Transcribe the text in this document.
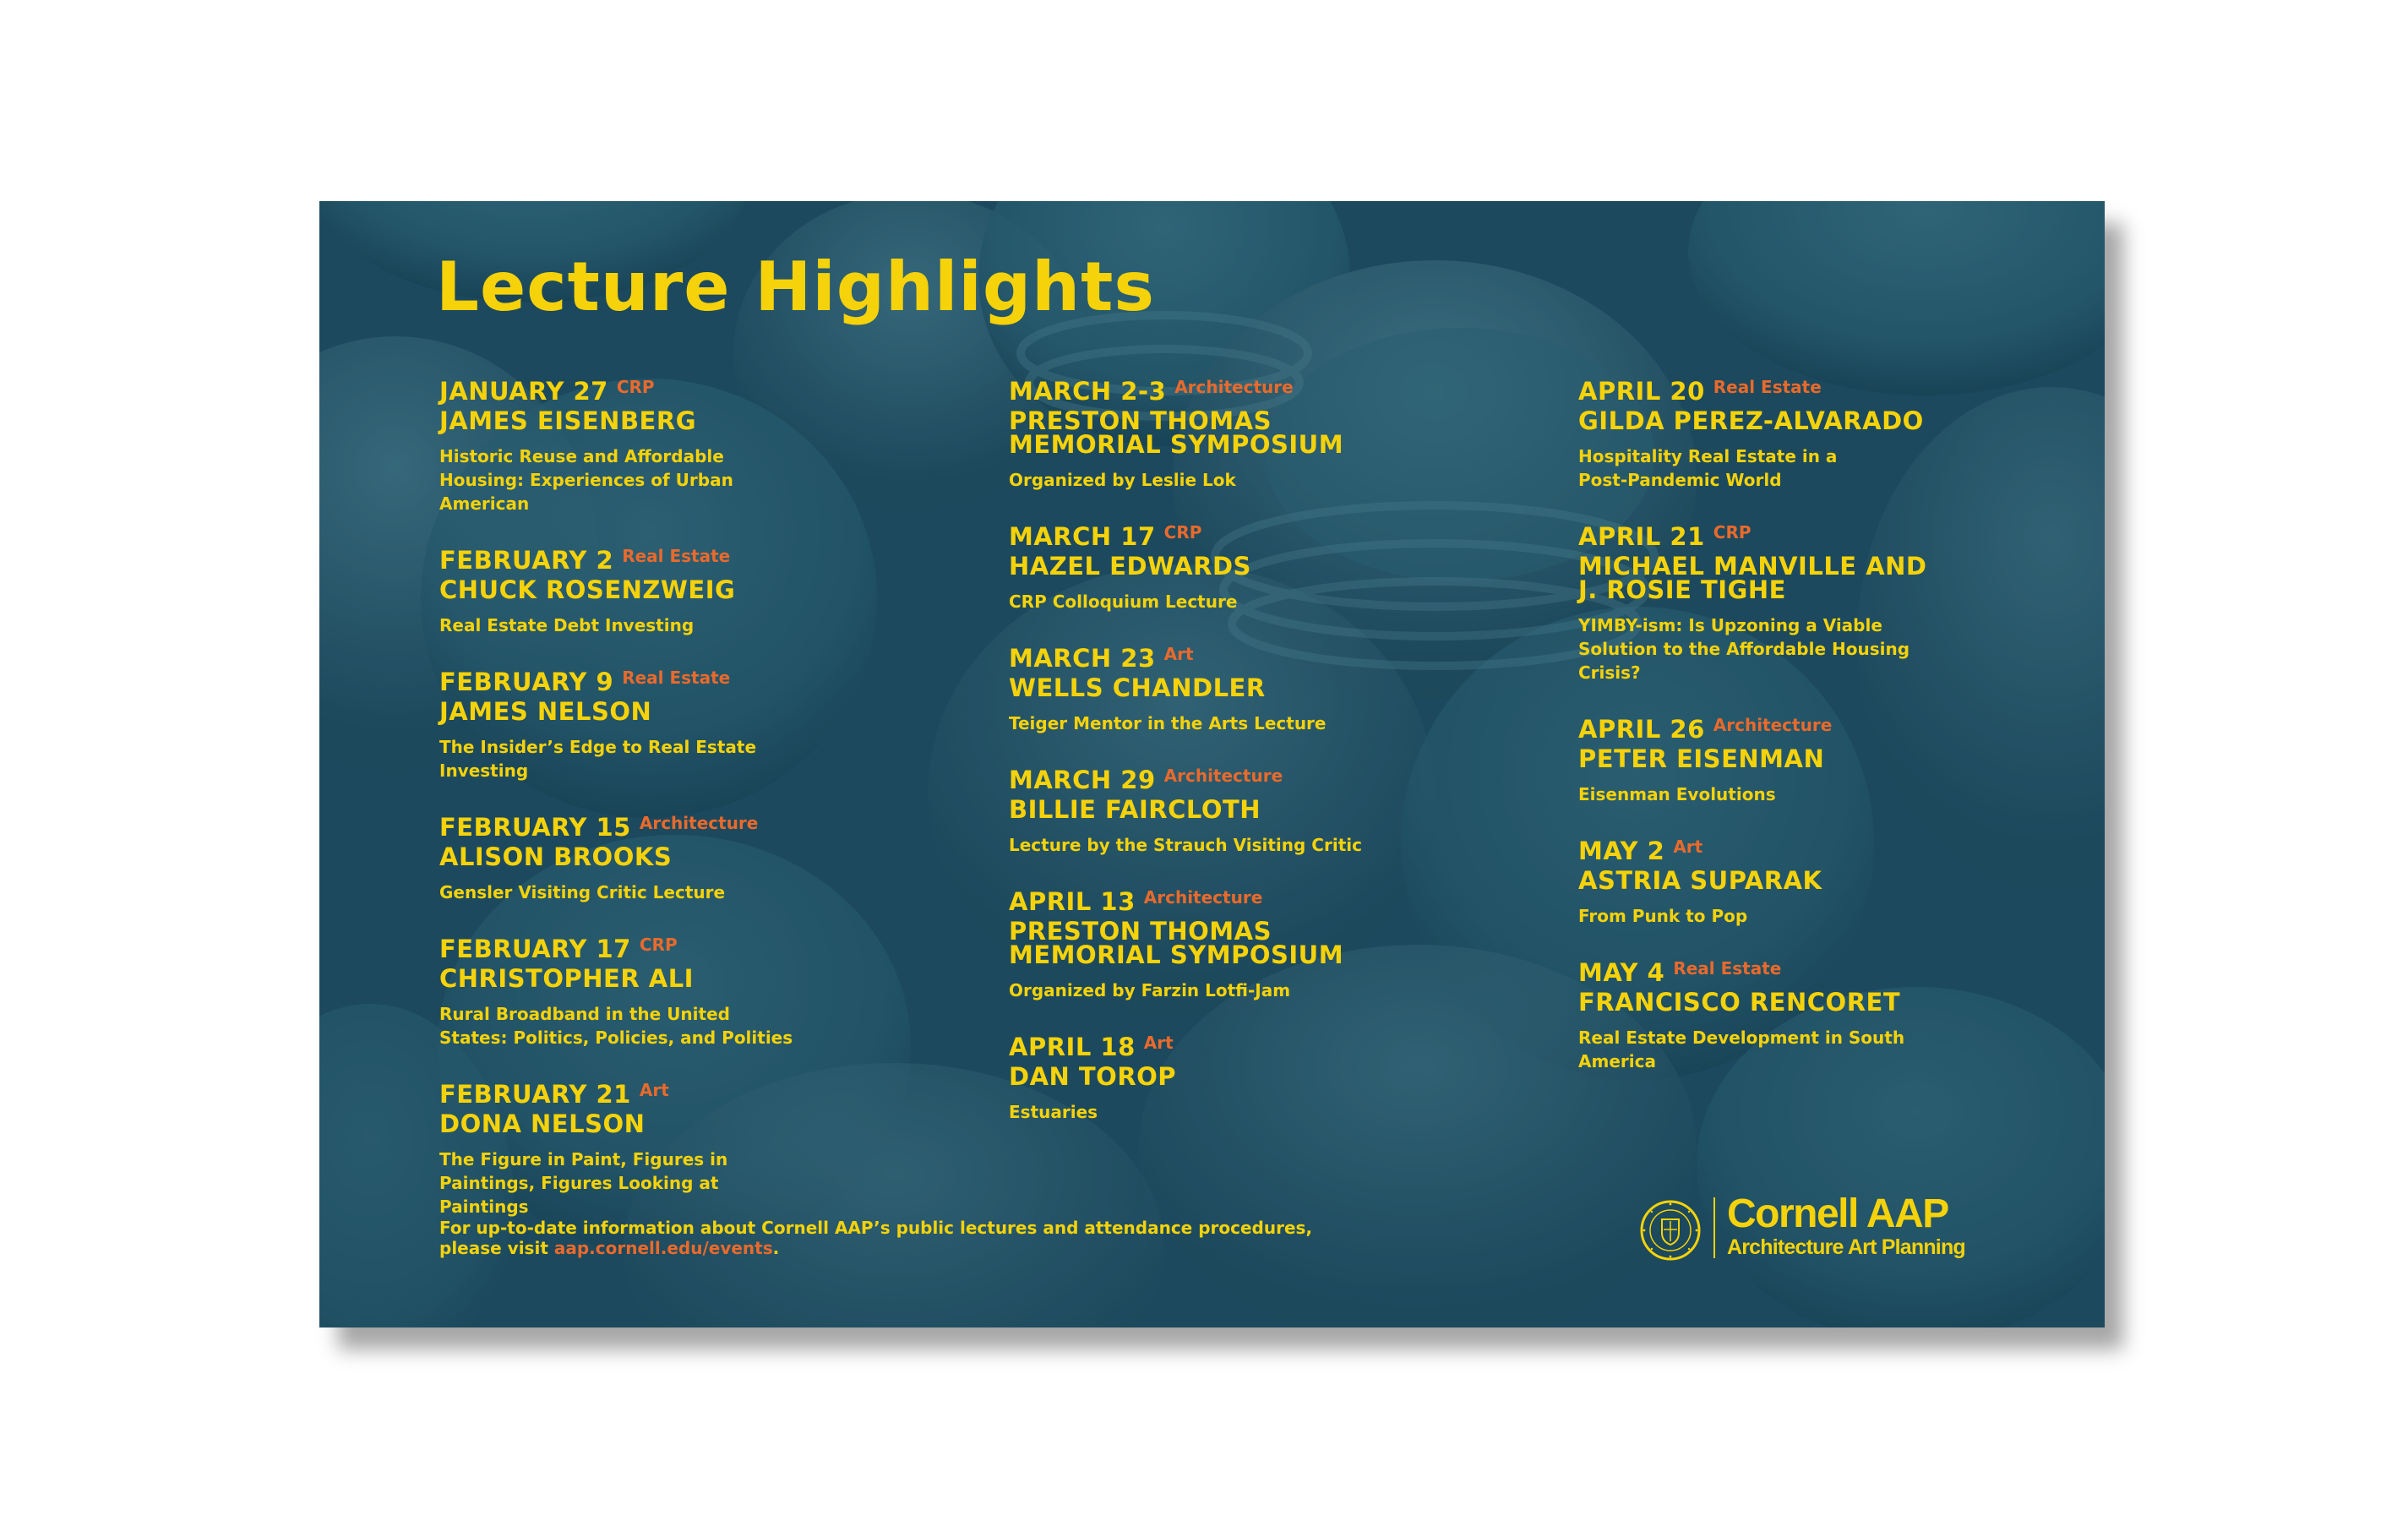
Lecture Highlights
JANUARY 27 CRP
JAMES EISENBERG
Historic Reuse and Affordable
Housing: Experiences of Urban
American
FEBRUARY 2 Real Estate
CHUCK ROSENZWEIG
Real Estate Debt Investing
FEBRUARY 9 Real Estate
JAMES NELSON
The Insider’s Edge to Real Estate
Investing
FEBRUARY 15 Architecture
ALISON BROOKS
Gensler Visiting Critic Lecture
FEBRUARY 17 CRP
CHRISTOPHER ALI
Rural Broadband in the United
States: Politics, Policies, and Polities
FEBRUARY 21 Art
DONA NELSON
The Figure in Paint, Figures in
Paintings, Figures Looking at
Paintings
MARCH 2-3 Architecture
PRESTON THOMAS
MEMORIAL SYMPOSIUM
Organized by Leslie Lok
MARCH 17 CRP
HAZEL EDWARDS
CRP Colloquium Lecture
MARCH 23 Art
WELLS CHANDLER
Teiger Mentor in the Arts Lecture
MARCH 29 Architecture
BILLIE FAIRCLOTH
Lecture by the Strauch Visiting Critic
APRIL 13 Architecture
PRESTON THOMAS
MEMORIAL SYMPOSIUM
Organized by Farzin Lotfi-Jam
APRIL 18 Art
DAN TOROP
Estuaries
APRIL 20 Real Estate
GILDA PEREZ-ALVARADO
Hospitality Real Estate in a
Post-Pandemic World
APRIL 21 CRP
MICHAEL MANVILLE AND
J. ROSIE TIGHE
YIMBY-ism: Is Upzoning a Viable
Solution to the Affordable Housing
Crisis?
APRIL 26 Architecture
PETER EISENMAN
Eisenman Evolutions
MAY 2 Art
ASTRIA SUPARAK
From Punk to Pop
MAY 4 Real Estate
FRANCISCO RENCORET
Real Estate Development in South
America
For up-to-date information about Cornell AAP’s public lectures and attendance procedures,
please visit aap.cornell.edu/events.
Cornell AAP
Architecture Art Planning
